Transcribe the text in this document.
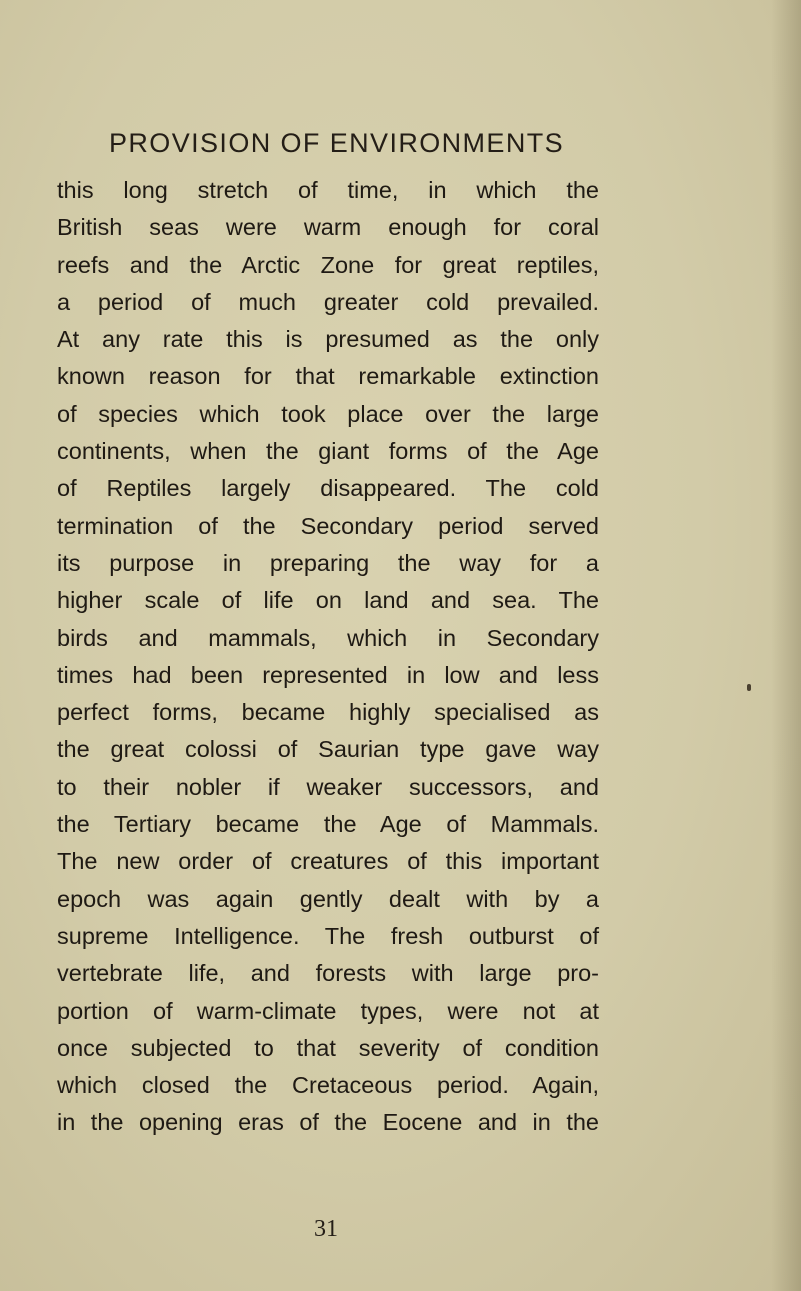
PROVISION OF ENVIRONMENTS
this long stretch of time, in which the
British seas were warm enough for coral
reefs and the Arctic Zone for great reptiles,
a period of much greater cold prevailed.
At any rate this is presumed as the only
known reason for that remarkable extinction
of species which took place over the large
continents, when the giant forms of the Age
of Reptiles largely disappeared. The cold
termination of the Secondary period served
its purpose in preparing the way for a
higher scale of life on land and sea. The
birds and mammals, which in Secondary
times had been represented in low and less
perfect forms, became highly specialised as
the great colossi of Saurian type gave way
to their nobler if weaker successors, and
the Tertiary became the Age of Mammals.
The new order of creatures of this important
epoch was again gently dealt with by a
supreme Intelligence. The fresh outburst of
vertebrate life, and forests with large pro-
portion of warm-climate types, were not at
once subjected to that severity of condition
which closed the Cretaceous period. Again,
in the opening eras of the Eocene and in the
31
